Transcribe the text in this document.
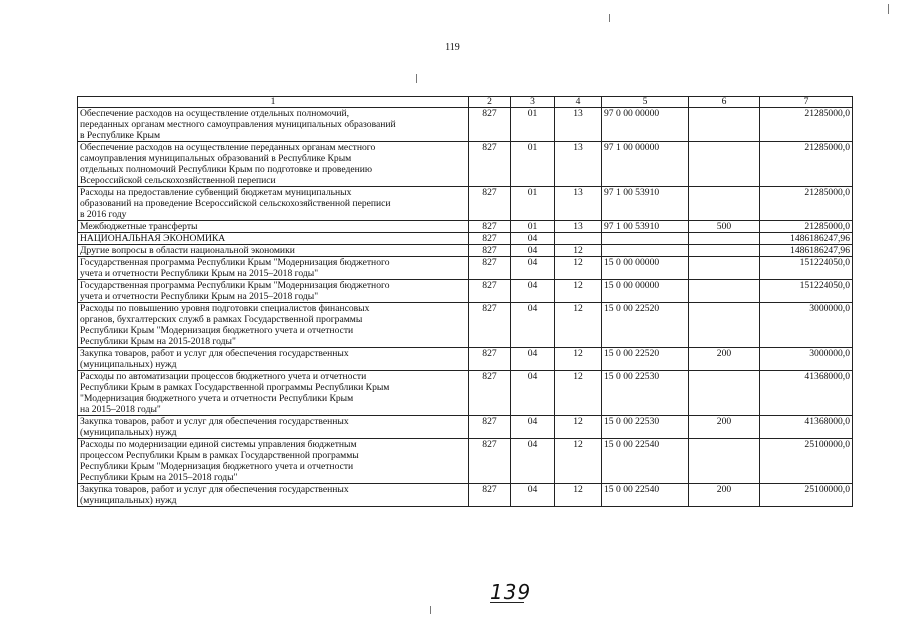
119
1	2	3	4	5	6	7

Обеспечение расходов на осуществление отдельных полномочий,
переданных органам местного самоуправления муниципальных образований
в Республике Крым	827	01	13	97 0 00 00000		21285000,0

Обеспечение расходов на осуществление переданных органам местного
самоуправления муниципальных образований в Республике Крым
отдельных полномочий Республики Крым по подготовке и проведению
Всероссийской сельскохозяйственной переписи	827	01	13	97 1 00 00000		21285000,0

Расходы на предоставление субвенций бюджетам муниципальных
образований на проведение Всероссийской сельскохозяйственной переписи
в 2016 году	827	01	13	97 1 00 53910		21285000,0

Межбюджетные трансферты	827	01	13	97 1 00 53910	500	21285000,0

НАЦИОНАЛЬНАЯ ЭКОНОМИКА	827	04				1486186247,96

Другие вопросы в области национальной экономики	827	04	12			1486186247,96

Государственная программа Республики Крым "Модернизация бюджетного
учета и отчетности Республики Крым на 2015–2018 годы"	827	04	12	15 0 00 00000		151224050,0

Государственная программа Республики Крым "Модернизация бюджетного
учета и отчетности Республики Крым на 2015–2018 годы"	827	04	12	15 0 00 00000		151224050,0

Расходы по повышению уровня подготовки специалистов финансовых
органов, бухгалтерских служб в рамках Государственной программы
Республики Крым "Модернизация бюджетного учета и отчетности
Республики Крым на 2015-2018 годы"	827	04	12	15 0 00 22520		3000000,0

Закупка товаров, работ и услуг для обеспечения государственных
(муниципальных) нужд	827	04	12	15 0 00 22520	200	3000000,0

Расходы по автоматизации процессов бюджетного учета и отчетности
Республики Крым в рамках Государственной программы Республики Крым
"Модернизация бюджетного учета и отчетности Республики Крым
на 2015–2018 годы"	827	04	12	15 0 00 22530		41368000,0

Закупка товаров, работ и услуг для обеспечения государственных
(муниципальных) нужд	827	04	12	15 0 00 22530	200	41368000,0

Расходы по модернизации единой системы управления бюджетным
процессом Республики Крым в рамках Государственной программы
Республики Крым "Модернизация бюджетного учета и отчетности
Республики Крым на 2015–2018 годы"	827	04	12	15 0 00 22540		25100000,0

Закупка товаров, работ и услуг для обеспечения государственных
(муниципальных) нужд	827	04	12	15 0 00 22540	200	25100000,0
139
